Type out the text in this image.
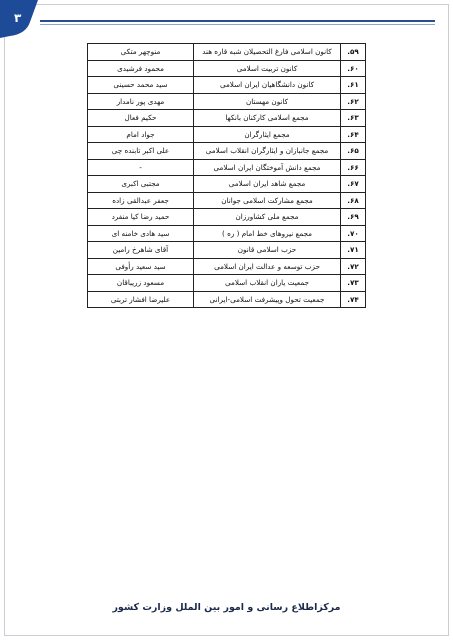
۳
۵۹.	کانون اسلامی فارغ التحصیلان شبه قاره هند	منوچهر متکی
۶۰.	کانون تربیت اسلامی	محمود فرشیدی
۶۱.	کانون دانشگاهیان ایران اسلامی	سید محمد حسینی
۶۲.	کانون مهستان	مهدی پور نامدار
۶۳.	مجمع اسلامی کارکنان بانکها	حکیم فعال
۶۴.	مجمع ایثارگران	جواد امام
۶۵.	مجمع جانبازان و ایثارگران انقلاب اسلامی	علی اکبر تابنده چی
۶۶.	مجمع دانش آموختگان ایران اسلامی	-
۶۷.	مجمع شاهد ایران اسلامی	مجتبی اکبری
۶۸.	مجمع مشارکت اسلامی جوانان	جعفر عبدالقی زاده
۶۹.	مجمع ملی کشاورزان	حمید رضا کیا منفرد
۷۰.	مجمع نیروهای خط امام ( ره )	سید هادی خامنه ای
۷۱.	حزب اسلامی قانون	آقای شاهرخ رامین
۷۲.	حزب توسعه و عدالت ایران اسلامی	سید سعید رأوفی
۷۳.	جمعیت یاران انقلاب اسلامی	مسعود زریباقان
۷۴.	جمعیت تحول وپیشرفت اسلامی-ایرانی	علیرضا افشار تربتی
مرکزاطلاع رسانی و امور بین الملل وزارت کشور
